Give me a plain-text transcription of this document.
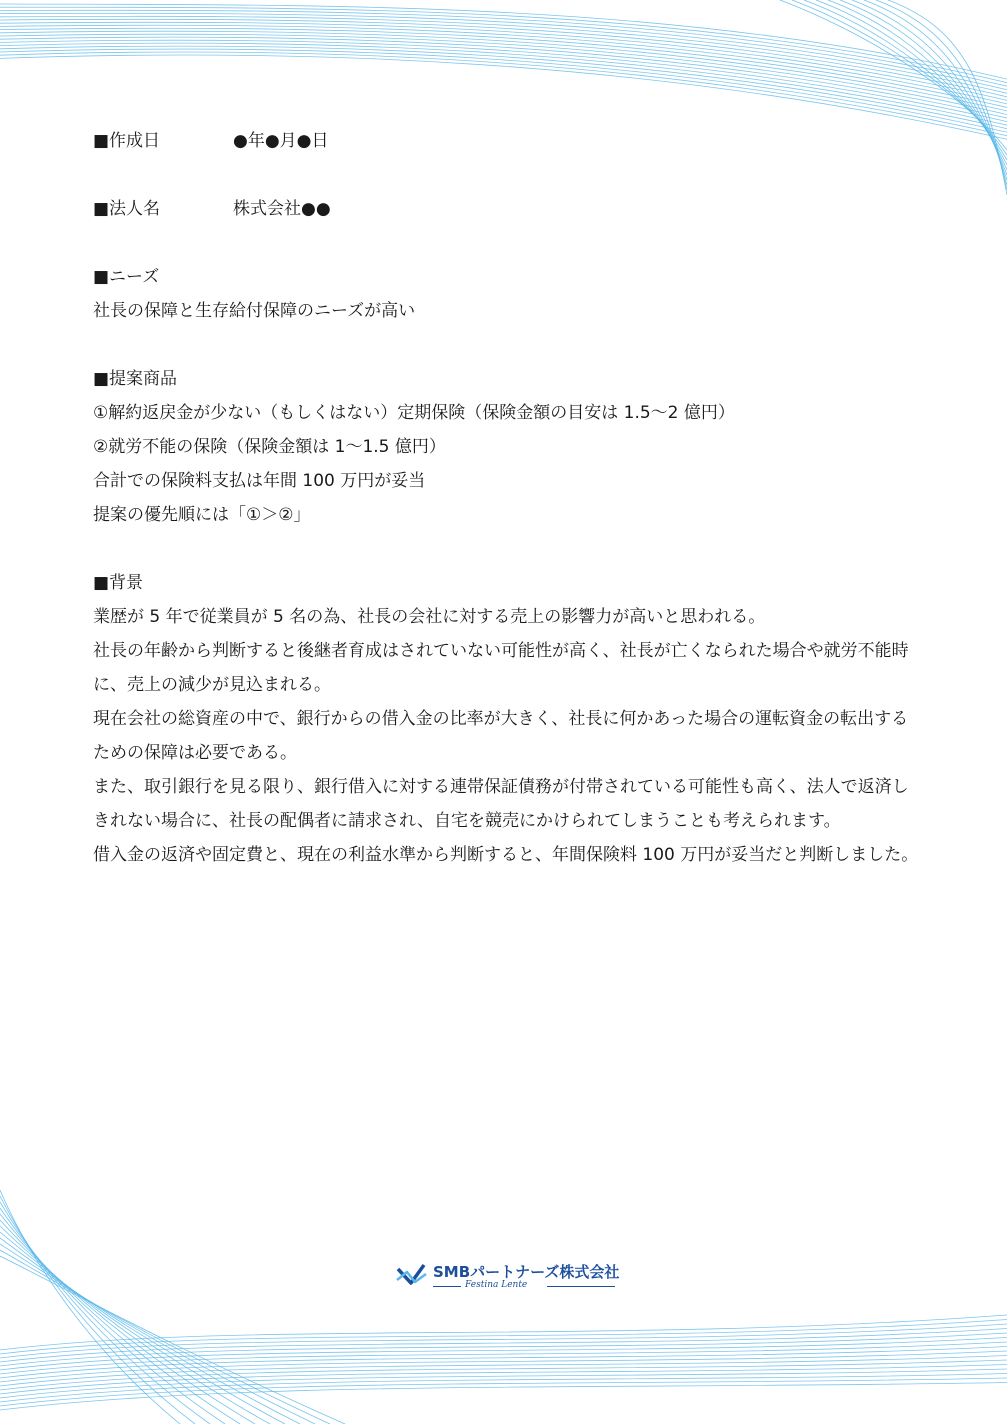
■作成日	●年●月●日
■法人名	株式会社●●
■ニーズ
社長の保障と生存給付保障のニーズが高い
■提案商品
①解約返戻金が少ない（もしくはない）定期保険（保険金額の目安は 1.5～2 億円）
②就労不能の保険（保険金額は 1～1.5 億円）
合計での保険料支払は年間 100 万円が妥当
提案の優先順には「①＞②」
■背景

業歴が 5 年で従業員が 5 名の為、社長の会社に対する売上の影響力が高いと思われる。

社長の年齢から判断すると後継者育成はされていない可能性が高く、社長が亡くなられた場合や就労不能時に、売上の減少が見込まれる。

現在会社の総資産の中で、銀行からの借入金の比率が大きく、社長に何かあった場合の運転資金の転出するための保障は必要である。

また、取引銀行を見る限り、銀行借入に対する連帯保証債務が付帯されている可能性も高く、法人で返済しきれない場合に、社長の配偶者に請求され、自宅を競売にかけられてしまうことも考えられます。

借入金の返済や固定費と、現在の利益水準から判断すると、年間保険料 100 万円が妥当だと判断しました。

SMBパートナーズ株式会社
Festina Lente
